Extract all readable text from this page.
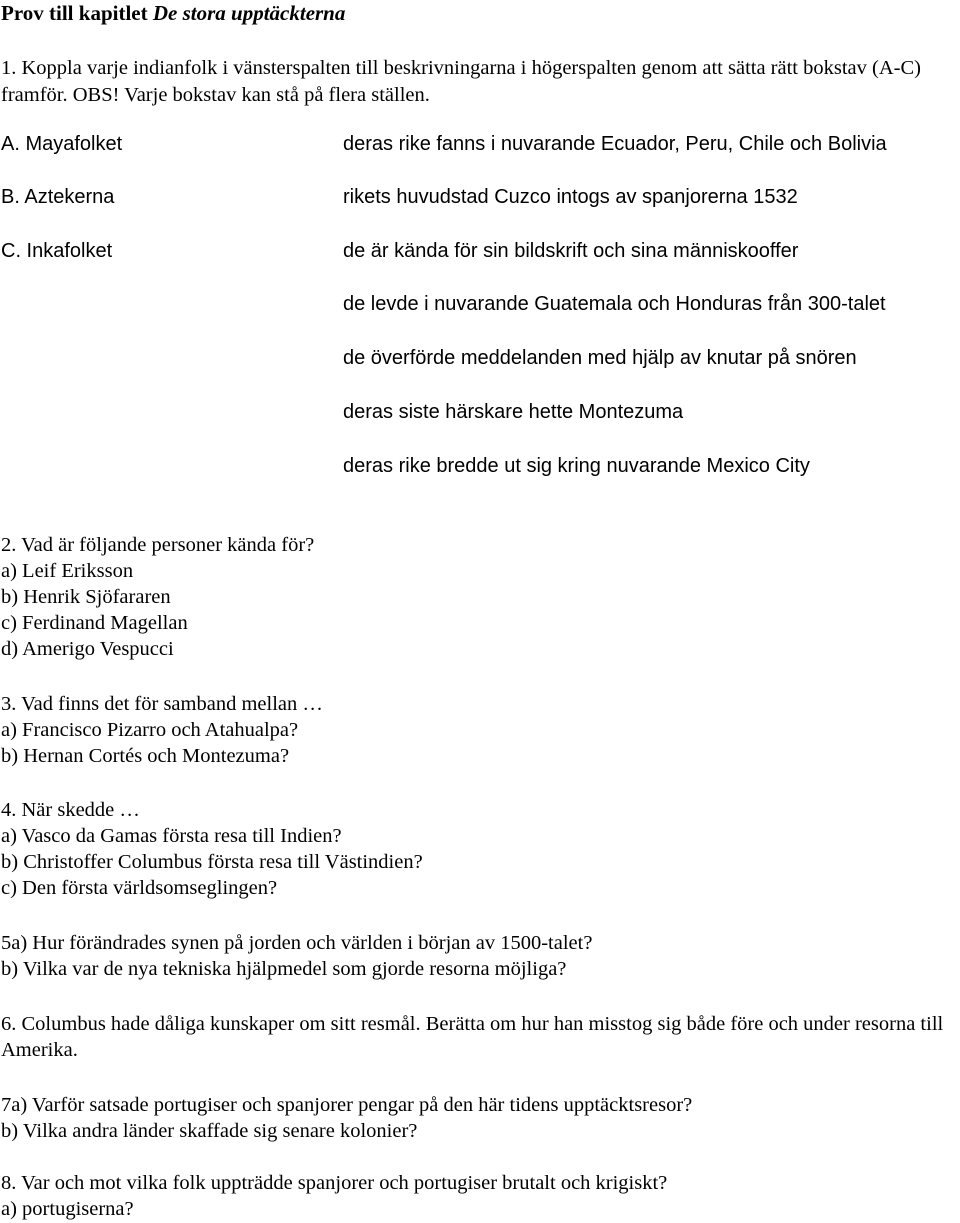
Prov till kapitlet De stora upptäckterna
1. Koppla varje indianfolk i vänsterspalten till beskrivningarna i högerspalten genom att sätta rätt bokstav (A-C) framför. OBS! Varje bokstav kan stå på flera ställen.
A. Mayafolket
B. Aztekerna
C. Inkafolket
deras rike fanns i nuvarande Ecuador, Peru, Chile och Bolivia
rikets huvudstad Cuzco intogs av spanjorerna 1532
de är kända för sin bildskrift och sina människooffer
de levde i nuvarande Guatemala och Honduras från 300-talet
de överförde meddelanden med hjälp av knutar på snören
deras siste härskare hette Montezuma
deras rike bredde ut sig kring nuvarande Mexico City
2. Vad är följande personer kända för?
a) Leif Eriksson
b) Henrik Sjöfararen
c) Ferdinand Magellan
d) Amerigo Vespucci
3. Vad finns det för samband mellan …
a) Francisco Pizarro och Atahualpa?
b) Hernan Cortés och Montezuma?
4. När skedde …
a) Vasco da Gamas första resa till Indien?
b) Christoffer Columbus första resa till Västindien?
c) Den första världsomseglingen?
5a) Hur förändrades synen på jorden och världen i början av 1500-talet?
b) Vilka var de nya tekniska hjälpmedel som gjorde resorna möjliga?
6. Columbus hade dåliga kunskaper om sitt resmål. Berätta om hur han misstog sig både före och under resorna till Amerika.
7a) Varför satsade portugiser och spanjorer pengar på den här tidens upptäcktsresor?
b) Vilka andra länder skaffade sig senare kolonier?
8. Var och mot vilka folk uppträdde spanjorer och portugiser brutalt och krigiskt?
a) portugiserna?
